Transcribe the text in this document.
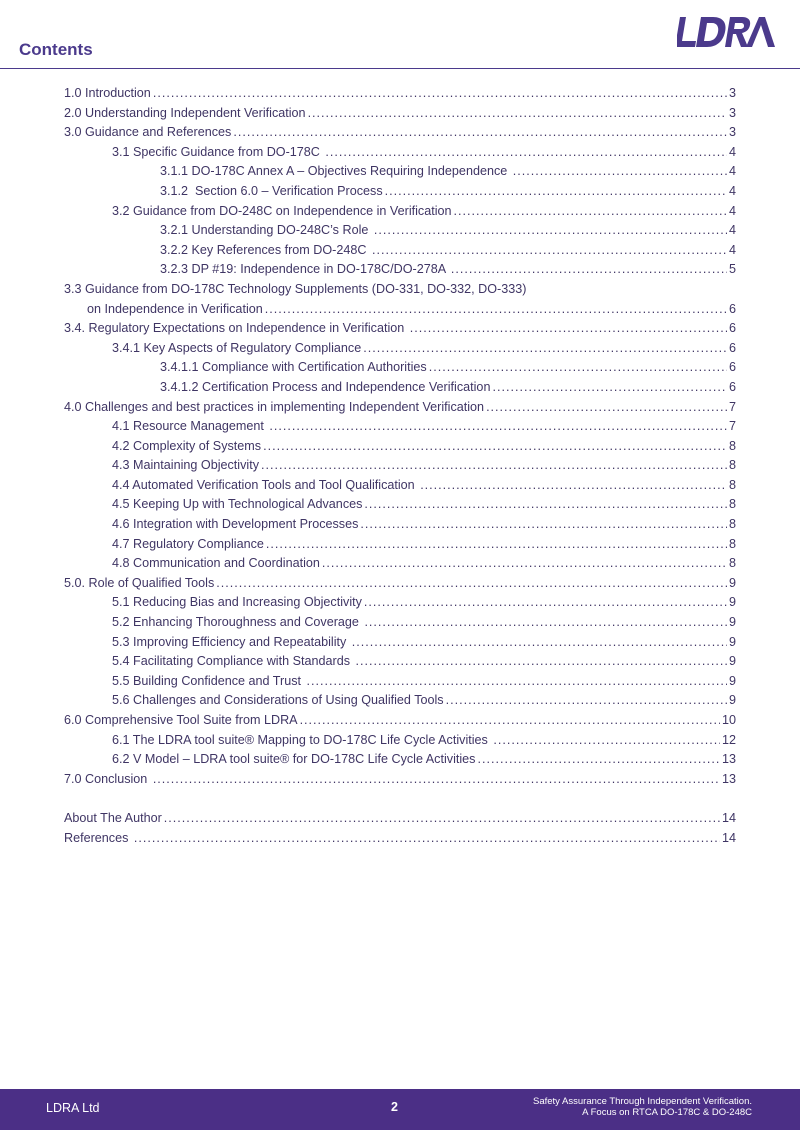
Contents
1.0 Introduction .....	3
2.0 Understanding Independent Verification .....	3
3.0 Guidance and References .....	3
3.1 Specific Guidance from DO-178C .....	4
3.1.1 DO-178C Annex A – Objectives Requiring Independence .....	4
3.1.2  Section 6.0 – Verification Process .....	4
3.2 Guidance from DO-248C on Independence in Verification .....	4
3.2.1 Understanding DO-248C’s Role .....	4
3.2.2 Key References from DO-248C .....	4
3.2.3 DP #19: Independence in DO-178C/DO-278A .....	5
3.3 Guidance from DO-178C Technology Supplements (DO-331, DO-332, DO-333)
on Independence in Verification .....	6
3.4. Regulatory Expectations on Independence in Verification .....	6
3.4.1 Key Aspects of Regulatory Compliance .....	6
3.4.1.1 Compliance with Certification Authorities .....	6
3.4.1.2 Certification Process and Independence Verification .....	6
4.0 Challenges and best practices in implementing Independent Verification .....	7
4.1 Resource Management .....	7
4.2 Complexity of Systems .....	8
4.3 Maintaining Objectivity .....	8
4.4 Automated Verification Tools and Tool Qualification .....	8
4.5 Keeping Up with Technological Advances .....	8
4.6 Integration with Development Processes .....	8
4.7 Regulatory Compliance .....	8
4.8 Communication and Coordination .....	8
5.0. Role of Qualified Tools .....	9
5.1 Reducing Bias and Increasing Objectivity .....	9
5.2 Enhancing Thoroughness and Coverage .....	9
5.3 Improving Efficiency and Repeatability .....	9
5.4 Facilitating Compliance with Standards .....	9
5.5 Building Confidence and Trust .....	9
5.6 Challenges and Considerations of Using Qualified Tools .....	9
6.0 Comprehensive Tool Suite from LDRA .....	10
6.1 The LDRA tool suite® Mapping to DO-178C Life Cycle Activities .....	12
6.2 V Model – LDRA tool suite® for DO-178C Life Cycle Activities .....	13
7.0 Conclusion .....	13
About The Author .....	14
References .....	14
LDRA Ltd	2	Safety Assurance Through Independent Verification.
A Focus on RTCA DO-178C & DO-248C
